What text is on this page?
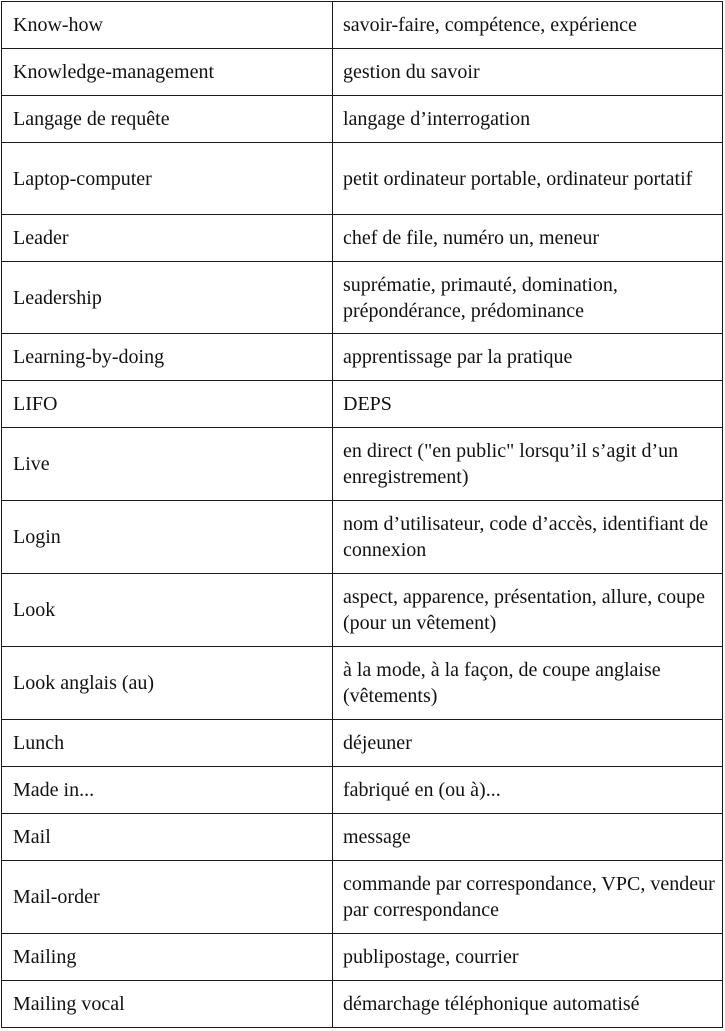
Know-how	savoir-faire, compétence, expérience
Knowledge-management	gestion du savoir
Langage de requête	langage d’interrogation
Laptop-computer	petit ordinateur portable, ordinateur portatif
Leader	chef de file, numéro un, meneur
Leadership	suprématie, primauté, domination, prépondérance, prédominance
Learning-by-doing	apprentissage par la pratique
LIFO	DEPS
Live	en direct ("en public" lorsqu’il s’agit d’un enregistrement)
Login	nom d’utilisateur, code d’accès, identifiant de connexion
Look	aspect, apparence, présentation, allure, coupe (pour un vêtement)
Look anglais (au)	à la mode, à la façon, de coupe anglaise (vêtements)
Lunch	déjeuner
Made in...	fabriqué en (ou à)...
Mail	message
Mail-order	commande par correspondance, VPC, vendeur par correspondance
Mailing	publipostage, courrier
Mailing vocal	démarchage téléphonique automatisé
